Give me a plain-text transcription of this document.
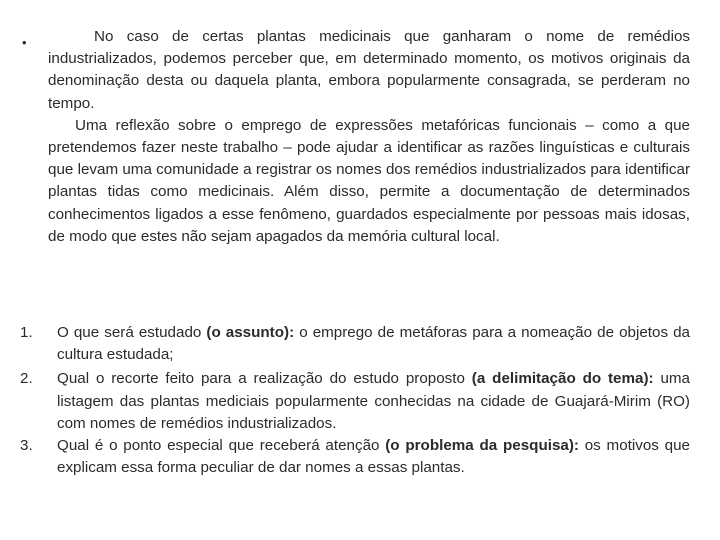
•	No caso de certas plantas medicinais que ganharam o nome de remédios industrializados, podemos perceber que, em determinado momento, os motivos originais da denominação desta ou daquela planta, embora popularmente consagrada, se perderam no tempo.

Uma reflexão sobre o emprego de expressões metafóricas funcionais – como a que pretendemos fazer neste trabalho – pode ajudar a identificar as razões linguísticas e culturais que levam uma comunidade a registrar os nomes dos remédios industrializados para identificar plantas tidas como medicinais. Além disso, permite a documentação de determinados conhecimentos ligados a esse fenômeno, guardados especialmente por pessoas mais idosas, de modo que estes não sejam apagados da memória cultural local.

1. O que será estudado (o assunto): o emprego de metáforas para a nomeação de objetos da cultura estudada;
2. Qual o recorte feito para a realização do estudo proposto (a delimitação do tema): uma listagem das plantas mediciais popularmente conhecidas na cidade de Guajará-Mirim (RO) com nomes de remédios industrializados.
3. Qual é o ponto especial que receberá atenção (o problema da pesquisa): os motivos que explicam essa forma peculiar de dar nomes a essas plantas.
